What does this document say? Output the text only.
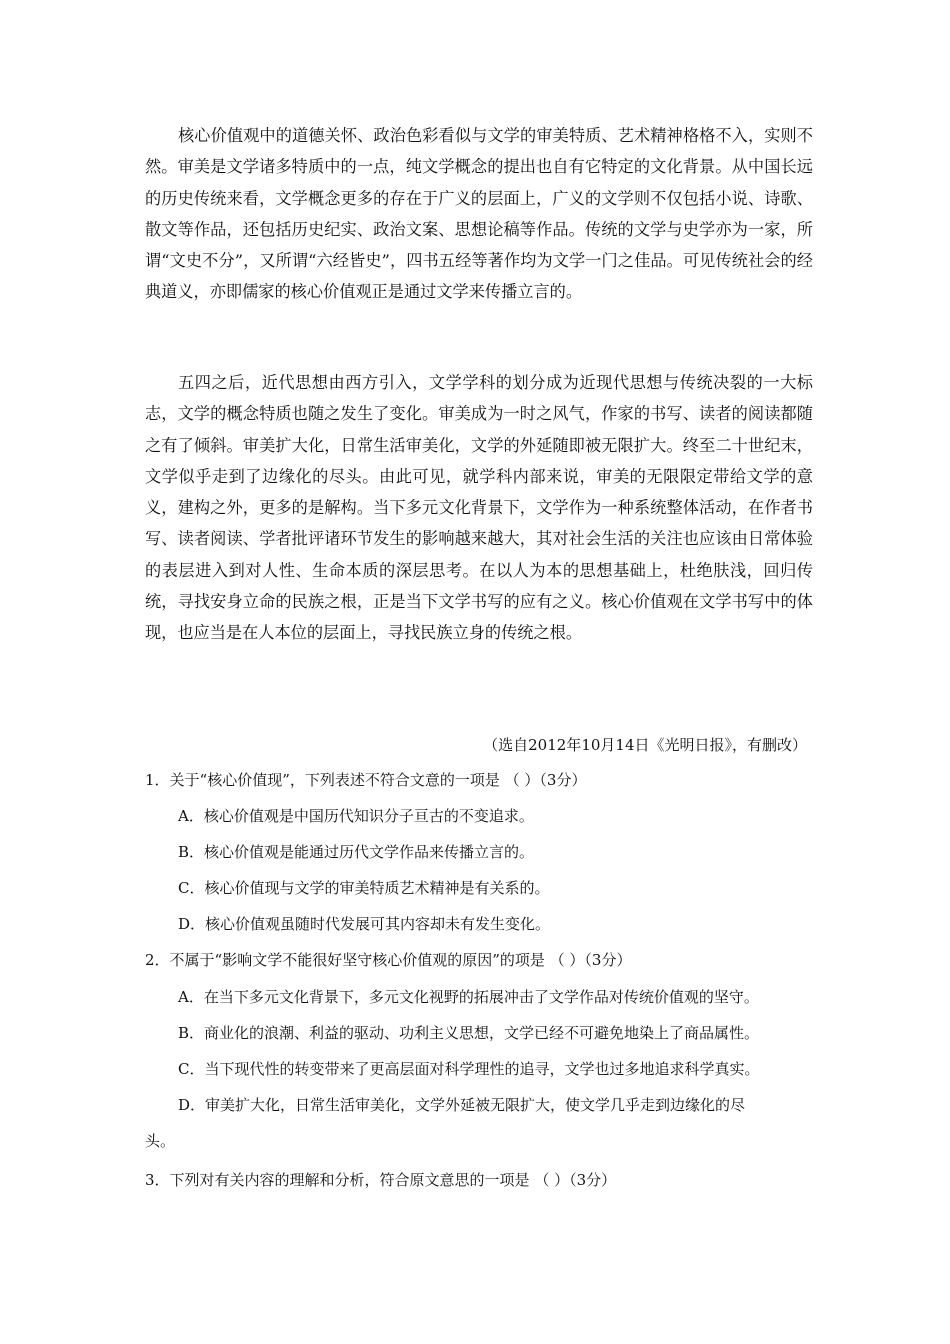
核心价值观中的道德关怀、政治色彩看似与文学的审美特质、艺术精神格格不入，实则不然。审美是文学诸多特质中的一点，纯文学概念的提出也自有它特定的文化背景。从中国长远的历史传统来看，文学概念更多的存在于广义的层面上，广义的文学则不仅包括小说、诗歌、散文等作品，还包括历史纪实、政治文案、思想论稿等作品。传统的文学与史学亦为一家，所谓“文史不分”，又所谓“六经皆史”，四书五经等著作均为文学一门之佳品。可见传统社会的经典道义，亦即儒家的核心价值观正是通过文学来传播立言的。

五四之后，近代思想由西方引入，文学学科的划分成为近现代思想与传统决裂的一大标志，文学的概念特质也随之发生了变化。审美成为一时之风气，作家的书写、读者的阅读都随之有了倾斜。审美扩大化，日常生活审美化，文学的外延随即被无限扩大。终至二十世纪末，文学似乎走到了边缘化的尽头。由此可见，就学科内部来说，审美的无限限定带给文学的意义，建构之外，更多的是解构。当下多元文化背景下，文学作为一种系统整体活动，在作者书写、读者阅读、学者批评诸环节发生的影响越来越大，其对社会生活的关注也应该由日常体验的表层进入到对人性、生命本质的深层思考。在以人为本的思想基础上，杜绝肤浅，回归传统，寻找安身立命的民族之根，正是当下文学书写的应有之义。核心价值观在文学书写中的体现，也应当是在人本位的层面上，寻找民族立身的传统之根。

（选自2012年10月14日《光明日报》，有删改）
1．关于“核心价值现”，下列表述不符合文意的一项是 （ ）（3分）
A．核心价值观是中国历代知识分子亘古的不变追求。
B．核心价值观是能通过历代文学作品来传播立言的。
C．核心价值现与文学的审美特质艺术精神是有关系的。
D．核心价值观虽随时代发展可其内容却未有发生变化。
2．不属于“影响文学不能很好坚守核心价值观的原因”的项是 （ ）（3分）
A．在当下多元文化背景下，多元文化视野的拓展冲击了文学作品对传统价值观的坚守。
B．商业化的浪潮、利益的驱动、功利主义思想，文学已经不可避免地染上了商品属性。
C．当下现代性的转变带来了更高层面对科学理性的追寻，文学也过多地追求科学真实。
D．审美扩大化，日常生活审美化，文学外延被无限扩大，使文学几乎走到边缘化的尽
头。
3．下列对有关内容的理解和分析，符合原文意思的一项是 （ ）（3分）
